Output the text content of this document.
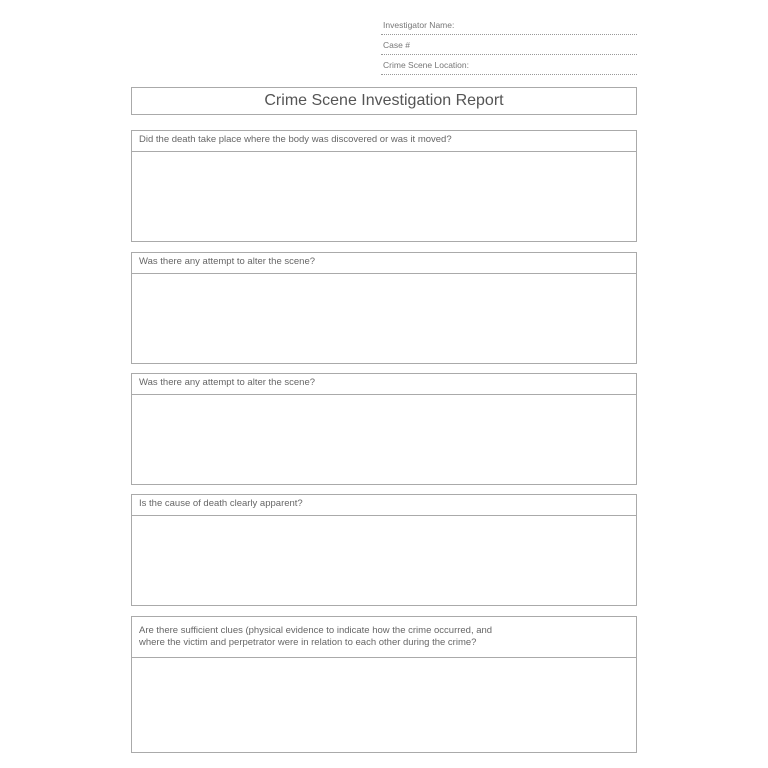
Investigator Name:
Case #
Crime Scene Location:
Crime Scene Investigation Report
Did the death take place where the body was discovered or was it moved?
Was there any attempt to alter the scene?
Was there any attempt to alter the scene?
Is the cause of death clearly apparent?
Are there sufficient clues (physical evidence to indicate how the crime occurred, and where the victim and perpetrator were in relation to each other during the crime?
